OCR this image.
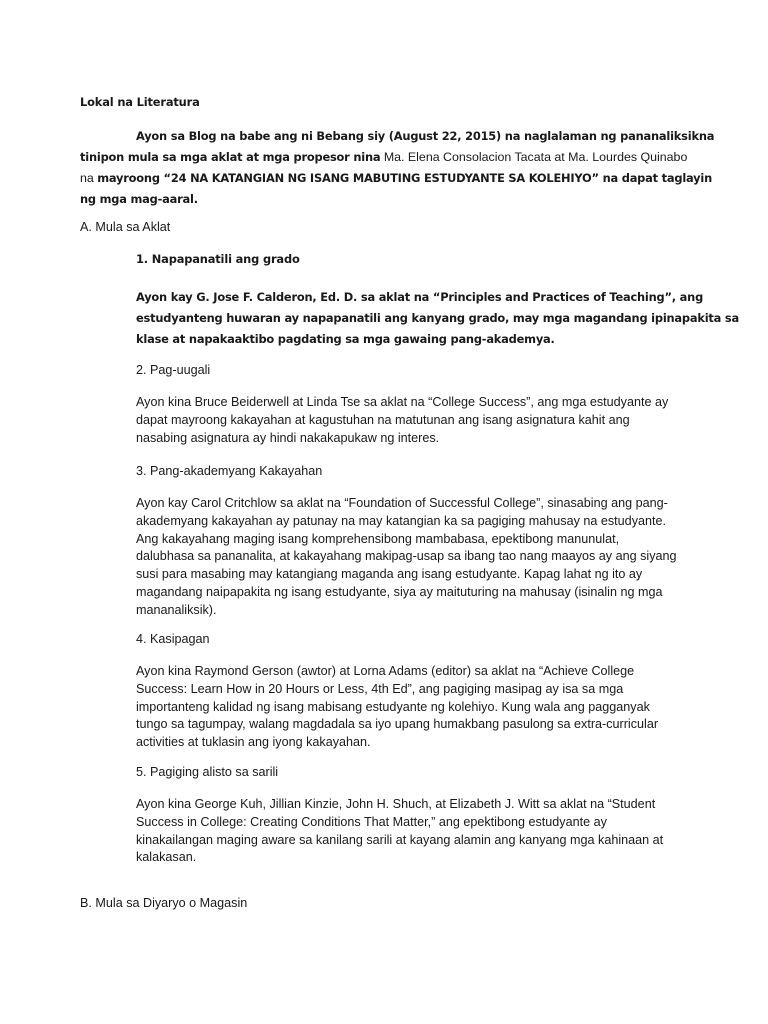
Lokal na Literatura

Ayon sa Blog na babe ang ni Bebang siy (August 22, 2015) na naglalaman ng pananaliksikna
tinipon mula sa mga aklat at mga propesor nina Ma. Elena Consolacion Tacata at Ma. Lourdes Quinabo
na mayroong “24 NA KATANGIAN NG ISANG MABUTING ESTUDYANTE SA KOLEHIYO” na dapat taglayin
ng mga mag-aaral.

A. Mula sa Aklat

1. Napapanatili ang grado

Ayon kay G. Jose F. Calderon, Ed. D. sa aklat na “Principles and Practices of Teaching”, ang
estudyanteng huwaran ay napapanatili ang kanyang grado, may mga magandang ipinapakita sa
klase at napakaaktibo pagdating sa mga gawaing pang-akademya.

2. Pag-uugali

Ayon kina Bruce Beiderwell at Linda Tse sa aklat na “College Success”, ang mga estudyante ay
dapat mayroong kakayahan at kagustuhan na matutunan ang isang asignatura kahit ang
nasabing asignatura ay hindi nakakapukaw ng interes.

3. Pang-akademyang Kakayahan

Ayon kay Carol Critchlow sa aklat na “Foundation of Successful College”, sinasabing ang pang-
akademyang kakayahan ay patunay na may katangian ka sa pagiging mahusay na estudyante.
Ang kakayahang maging isang komprehensibong mambabasa, epektibong manunulat,
dalubhasa sa pananalita, at kakayahang makipag-usap sa ibang tao nang maayos ay ang siyang
susi para masabing may katangiang maganda ang isang estudyante. Kapag lahat ng ito ay
magandang naipapakita ng isang estudyante, siya ay maituturing na mahusay (isinalin ng mga
mananaliksik).

4. Kasipagan

Ayon kina Raymond Gerson (awtor) at Lorna Adams (editor) sa aklat na “Achieve College
Success: Learn How in 20 Hours or Less, 4th Ed”, ang pagiging masipag ay isa sa mga
importanteng kalidad ng isang mabisang estudyante ng kolehiyo. Kung wala ang pagganyak
tungo sa tagumpay, walang magdadala sa iyo upang humakbang pasulong sa extra-curricular
activities at tuklasin ang iyong kakayahan.

5. Pagiging alisto sa sarili

Ayon kina George Kuh, Jillian Kinzie, John H. Shuch, at Elizabeth J. Witt sa aklat na “Student
Success in College: Creating Conditions That Matter,” ang epektibong estudyante ay
kinakailangan maging aware sa kanilang sarili at kayang alamin ang kanyang mga kahinaan at
kalakasan.

B. Mula sa Diyaryo o Magasin
